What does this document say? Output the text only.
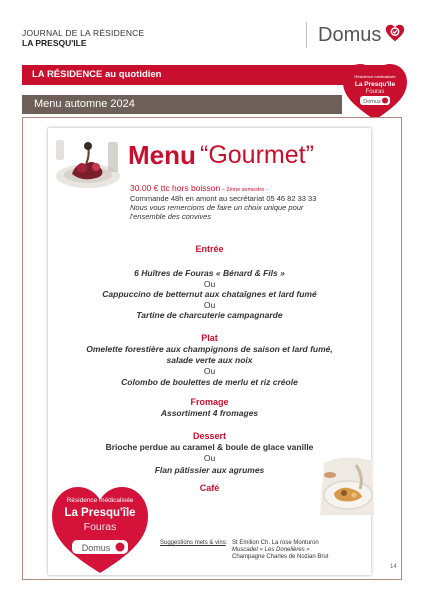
JOURNAL DE LA RÉSIDENCE
LA PRESQU'ILE	Domus
LA RÉSIDENCE au quotidien
Menu automne 2024
Résidence médicalisée
La Presqu'île
Fouras
Domus
Menu “Gourmet”
30.00 € ttc hors boisson – 2ème semestre -
Commande 48h en amont au secrétariat 05 46 82 33 33
Nous vous remercions de faire un choix unique pour l'ensemble des convives
Entrée
6 Huîtres de Fouras « Bénard & Fils »
Ou
Cappuccino de betternut aux chataîgnes et lard fumé
Ou
Tartine de charcuterie campagnarde
Plat
Omelette forestière aux champignons de saison et lard fumé,
salade verte aux noix
Ou
Colombo de boulettes de merlu et riz créole
Fromage
Assortiment 4 fromages
Dessert
Brioche perdue au caramel & boule de glace vanille
Ou
Flan pâtissier aux agrumes
Café
Résidence médicalisée
La Presqu'île
Fouras
Domus	Suggestions mets & vins : St Emilion Ch. La rose Monturon
Muscadet « Les Donelières »
Champagne Charles de Nozian Brut
14
